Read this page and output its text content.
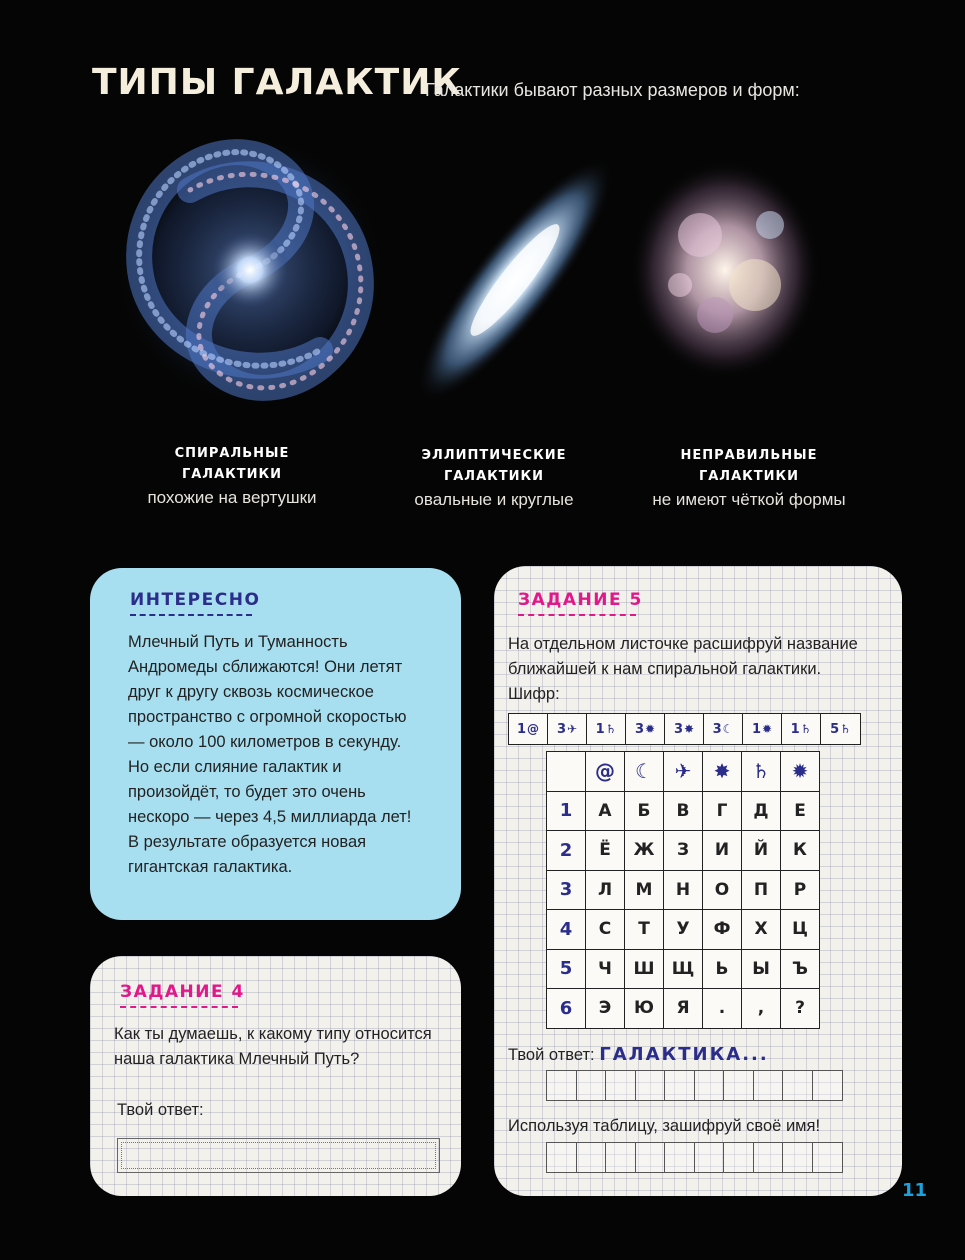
ТИПЫ ГАЛАКТИК
Галактики бывают разных размеров и форм:
СПИРАЛЬНЫЕ
ГАЛАКТИКИ
похожие на вертушки
ЭЛЛИПТИЧЕСКИЕ
ГАЛАКТИКИ
овальные и круглые
НЕПРАВИЛЬНЫЕ
ГАЛАКТИКИ
не имеют чёткой формы
ИНТЕРЕСНО
Млечный Путь и Туманность Андромеды сближаются! Они летят друг к другу сквозь космическое пространство с огромной скоростью — около 100 километров в секунду. Но если слияние галактик и произойдёт, то будет это очень нескоро — через 4,5 миллиарда лет! В результате образуется новая гигантская галактика.
ЗАДАНИЕ 4
Как ты думаешь, к какому типу относится наша галактика Млечный Путь?
Твой ответ:
ЗАДАНИЕ 5
На отдельном листочке расшифруй название ближайшей к нам спиральной галактики.
Шифр:
1 @ 3 ✈ 1 ♄ 3 ✹ 3 ✸ 3 ☾ 1 ✹ 1 ♄ 5 ♄
	@	☾	✈	✸	♄	✹
1	А	Б	В	Г	Д	Е
2	Ё	Ж	З	И	Й	К
3	Л	М	Н	О	П	Р
4	С	Т	У	Ф	Х	Ц
5	Ч	Ш	Щ	Ь	Ы	Ъ
6	Э	Ю	Я	.	,	?
Твой ответ: ГАЛАКТИКА...
Используя таблицу, зашифруй своё имя!
11
